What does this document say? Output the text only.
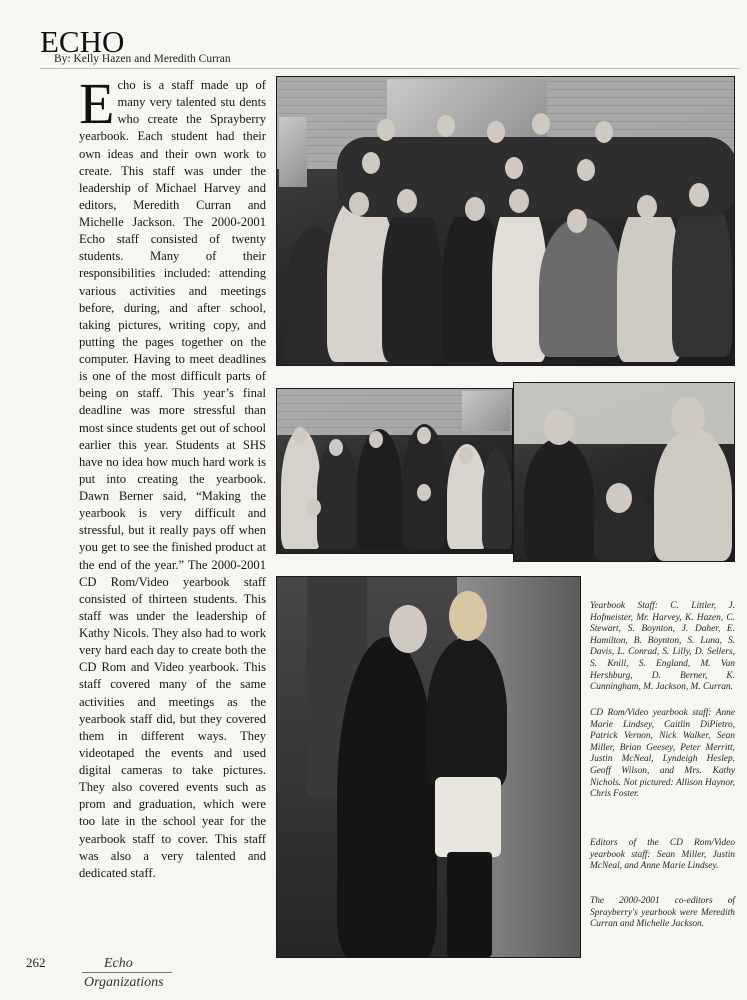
ECHO
By: Kelly Hazen and Meredith Curran
Echo is a staff made up of many very talented stu dents who create the Sprayberry yearbook. Each student had their own ideas and their own work to create. This staff was under the leadership of Michael Harvey and editors, Meredith Curran and Michelle Jackson. The 2000-2001 Echo staff consisted of twenty students. Many of their responsibilities included: attending various activities and meetings before, during, and after school, taking pictures, writing copy, and putting the pages together on the computer. Having to meet deadlines is one of the most difficult parts of being on staff. This year’s final deadline was more stressful than most since students get out of school earlier this year. Students at SHS have no idea how much hard work is put into creating the yearbook. Dawn Berner said, “Making the yearbook is very difficult and stressful, but it really pays off when you get to see the finished product at the end of the year.” The 2000-2001 CD Rom/Video yearbook staff consisted of thirteen students. This staff was under the leadership of Kathy Nicols. They also had to work very hard each day to create both the CD Rom and Video yearbook. This staff covered many of the same activities and meetings as the yearbook staff did, but they covered them in different ways. They videotaped the events and used digital cameras to take pictures. They also covered events such as prom and graduation, which were too late in the school year for the yearbook staff to cover. This staff was also a very talented and dedicated staff.

Yearbook Staff: C. Littler, J. Hofmeister, Mr. Harvey, K. Hazen, C. Stewart, S. Boynton, J. Daher, E. Hamilton, B. Boynton, S. Luna, S. Davis, L. Conrad, S. Lilly, D. Sellers, S. Knill, S. England, M. Van Hershburg, D. Berner, K. Cunningham, M. Jackson, M. Curran.

CD Rom/Video yearbook staff: Anne Marie Lindsey, Caitlin DiPietro, Patrick Vernon, Nick Walker, Sean Miller, Brian Geesey, Peter Merritt, Justin McNeal, Lyndeigh Heslep, Geoff Wilson, and Mrs. Kathy Nichols. Not pictured: Allison Haynor, Chris Foster.

Editors of the CD Rom/Video yearbook staff: Sean Miller, Justin McNeal, and Anne Marie Lindsey.

The 2000-2001 co-editors of Sprayberry's yearbook were Meredith Curran and Michelle Jackson.

262	Echo
Organizations
